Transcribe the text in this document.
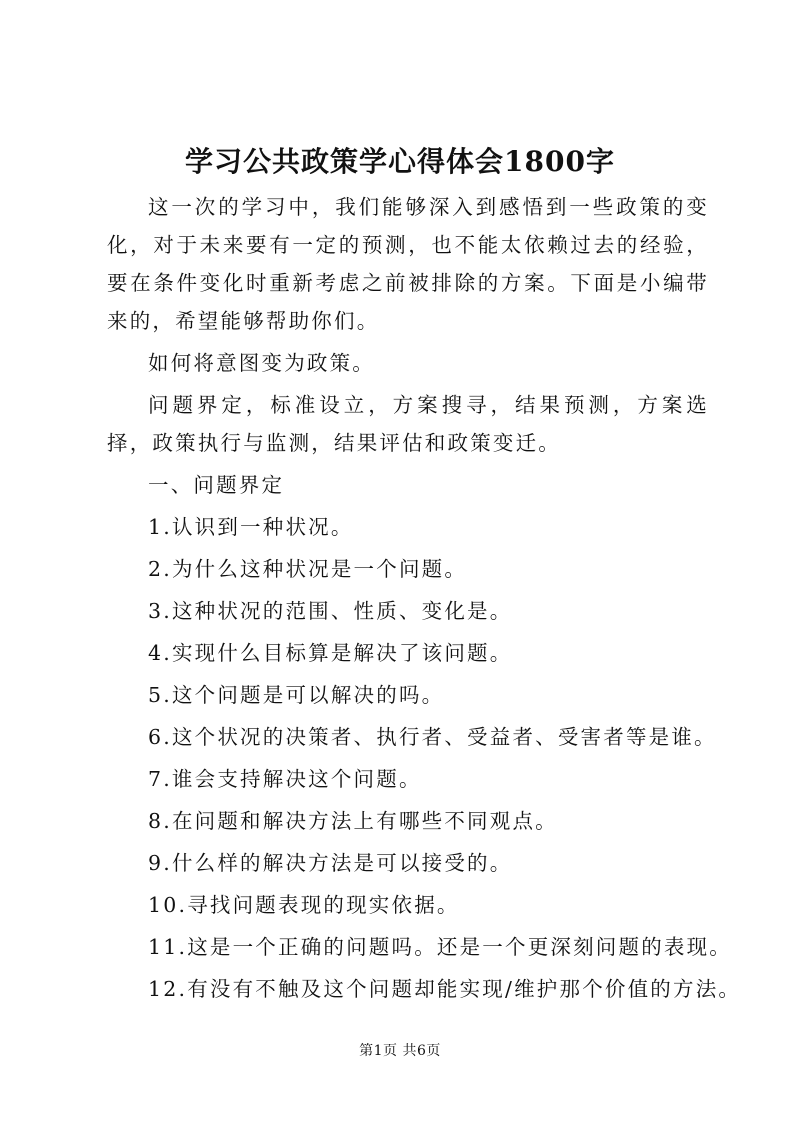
学习公共政策学心得体会1800字

这一次的学习中，我们能够深入到感悟到一些政策的变化，对于未来要有一定的预测，也不能太依赖过去的经验，要在条件变化时重新考虑之前被排除的方案。下面是小编带来的，希望能够帮助你们。

如何将意图变为政策。

问题界定，标准设立，方案搜寻，结果预测，方案选择，政策执行与监测，结果评估和政策变迁。

一、问题界定

1.认识到一种状况。
2.为什么这种状况是一个问题。
3.这种状况的范围、性质、变化是。
4.实现什么目标算是解决了该问题。
5.这个问题是可以解决的吗。
6.这个状况的决策者、执行者、受益者、受害者等是谁。
7.谁会支持解决这个问题。
8.在问题和解决方法上有哪些不同观点。
9.什么样的解决方法是可以接受的。
10.寻找问题表现的现实依据。
11.这是一个正确的问题吗。还是一个更深刻问题的表现。
12.有没有不触及这个问题却能实现/维护那个价值的方法。
第1页 共6页
